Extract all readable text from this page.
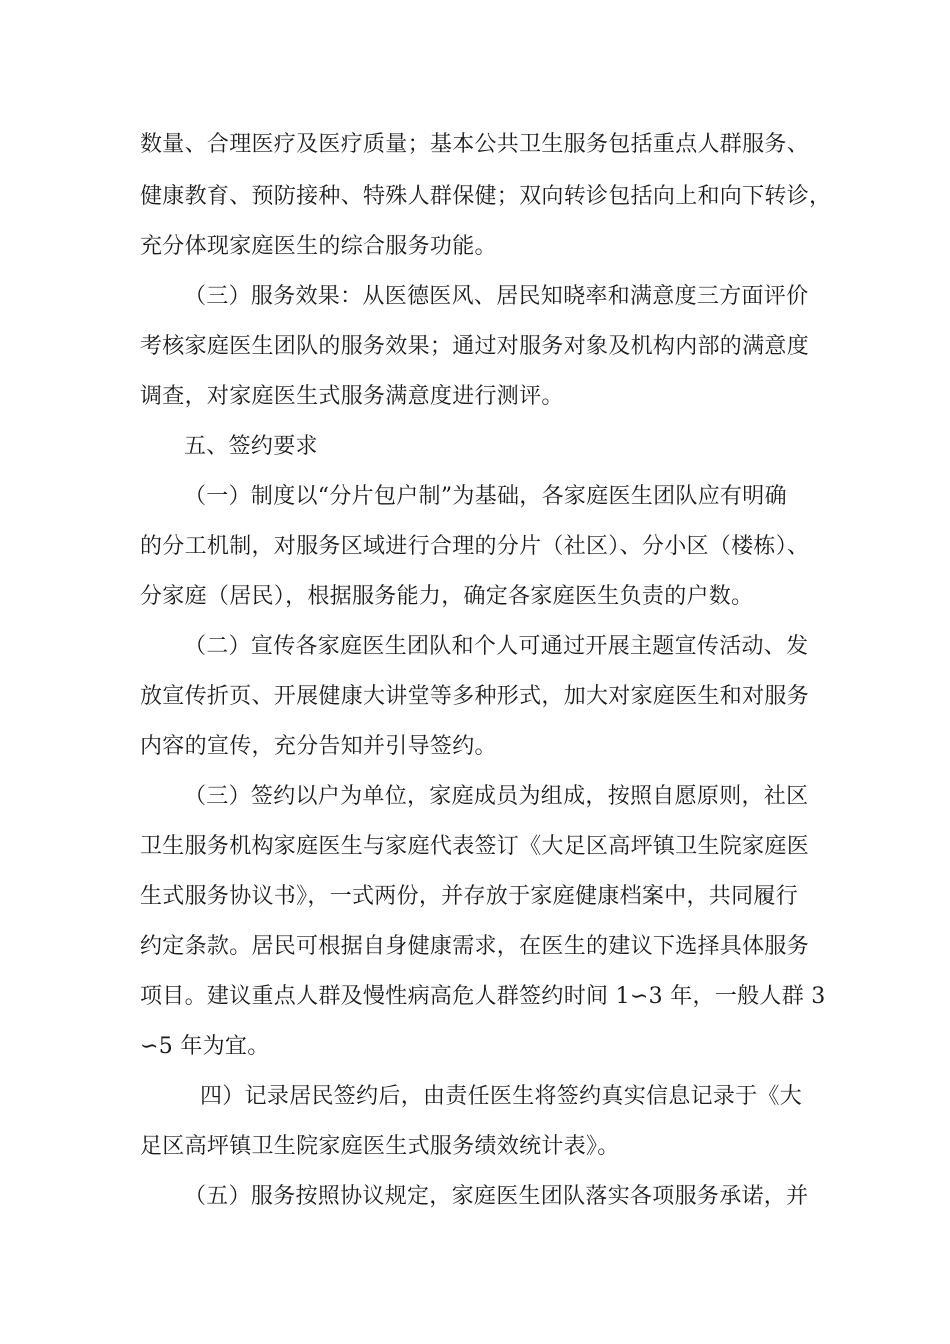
数量、合理医疗及医疗质量；基本公共卫生服务包括重点人群服务、
健康教育、预防接种、特殊人群保健；双向转诊包括向上和向下转诊，
充分体现家庭医生的综合服务功能。
（三）服务效果：从医德医风、居民知晓率和满意度三方面评价
考核家庭医生团队的服务效果；通过对服务对象及机构内部的满意度
调查，对家庭医生式服务满意度进行测评。
五、签约要求
（一）制度以“分片包户制”为基础，各家庭医生团队应有明确
的分工机制，对服务区域进行合理的分片（社区）、分小区（楼栋）、
分家庭（居民），根据服务能力，确定各家庭医生负责的户数。
（二）宣传各家庭医生团队和个人可通过开展主题宣传活动、发
放宣传折页、开展健康大讲堂等多种形式，加大对家庭医生和对服务
内容的宣传，充分告知并引导签约。
（三）签约以户为单位，家庭成员为组成，按照自愿原则，社区
卫生服务机构家庭医生与家庭代表签订《大足区高坪镇卫生院家庭医
生式服务协议书》，一式两份，并存放于家庭健康档案中，共同履行
约定条款。居民可根据自身健康需求，在医生的建议下选择具体服务
项目。建议重点人群及慢性病高危人群签约时间 1∽3 年，一般人群 3
∽5 年为宜。
四）记录居民签约后，由责任医生将签约真实信息记录于《大
足区高坪镇卫生院家庭医生式服务绩效统计表》。
（五）服务按照协议规定，家庭医生团队落实各项服务承诺，并
